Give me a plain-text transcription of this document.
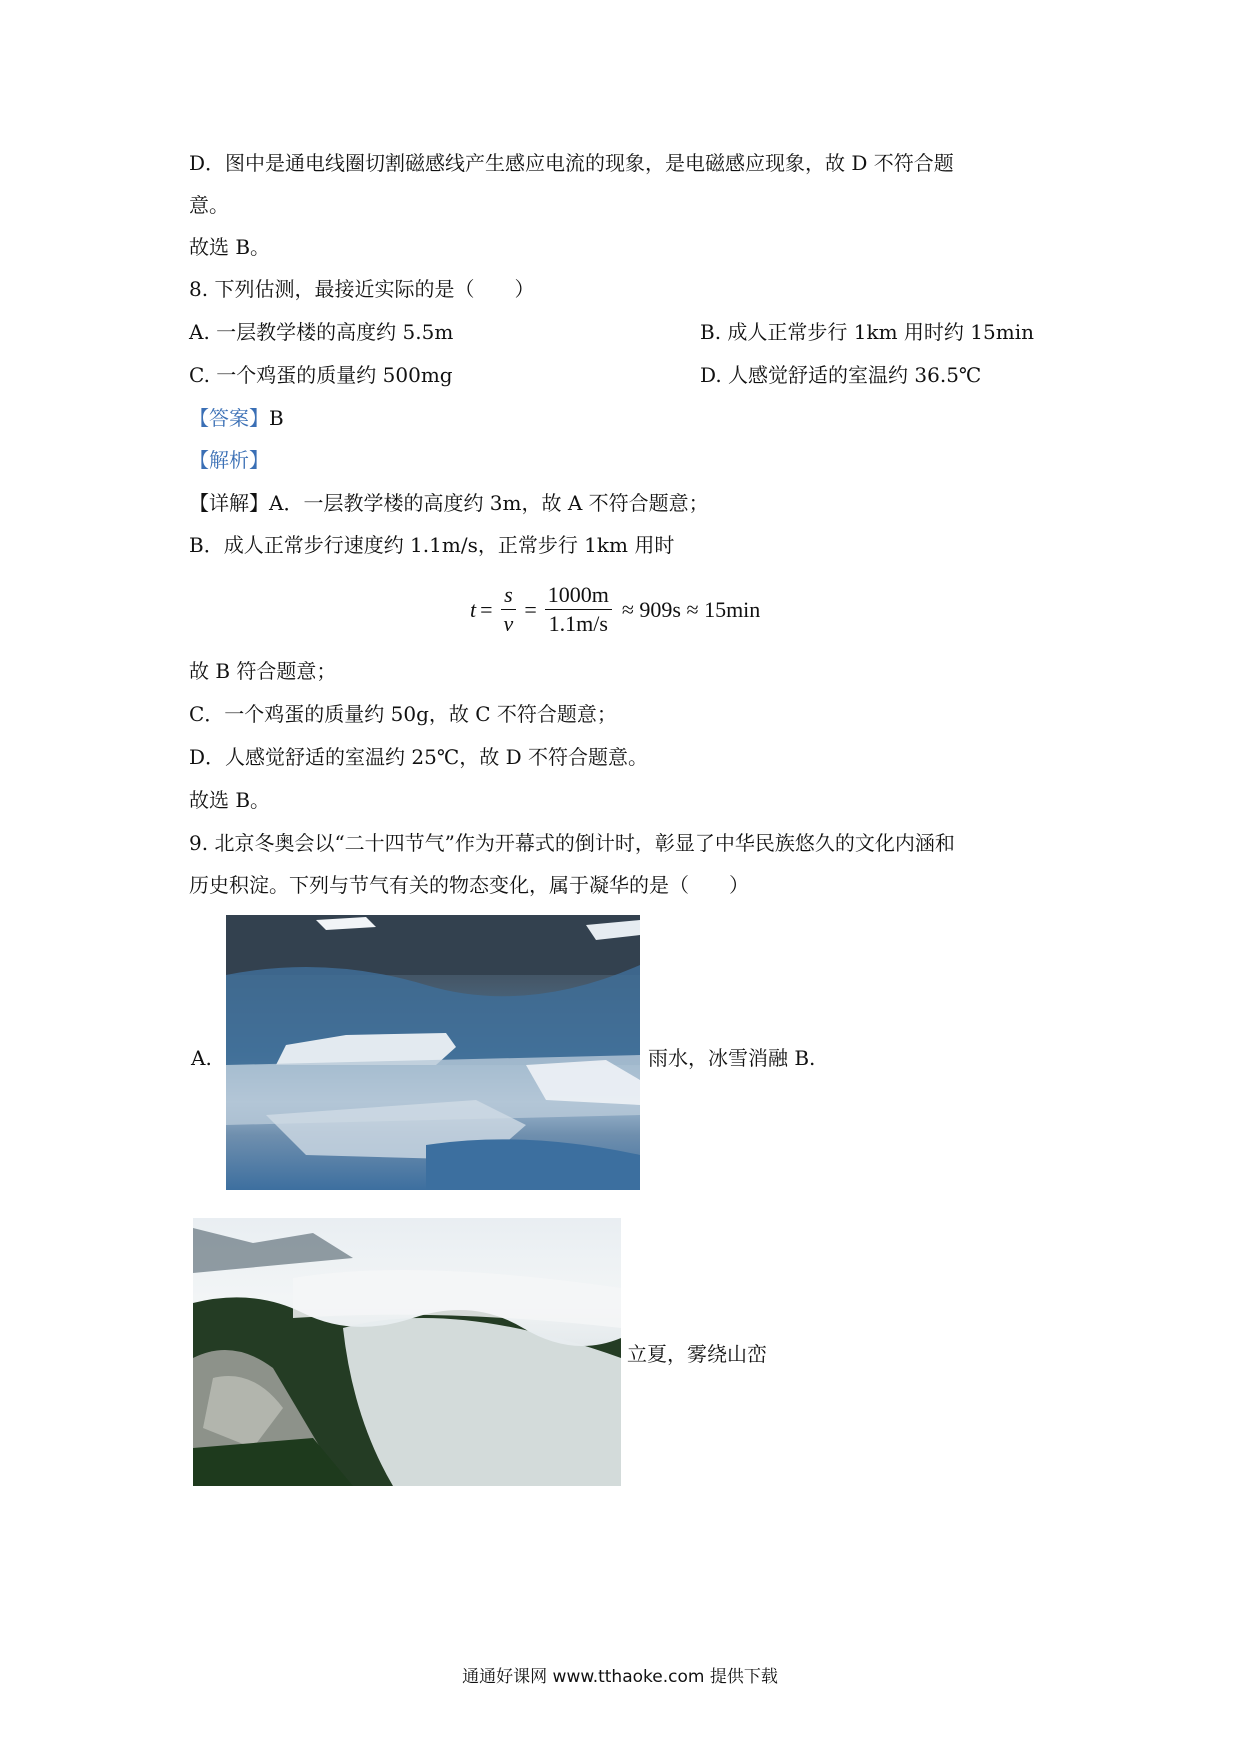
D．图中是通电线圈切割磁感线产生感应电流的现象，是电磁感应现象，故 D 不符合题
意。
故选 B。
8. 下列估测，最接近实际的是（　　）
A. 一层教学楼的高度约 5.5m	B. 成人正常步行 1km 用时约 15min
C. 一个鸡蛋的质量约 500mg	D. 人感觉舒适的室温约 36.5℃
【答案】B
【解析】
【详解】A．一层教学楼的高度约 3m，故 A 不符合题意；
B．成人正常步行速度约 1.1m/s，正常步行 1km 用时
$t = \frac{s}{v} = \frac{1000m}{1.1m/s} \approx 909s \approx 15\min$
故 B 符合题意；
C．一个鸡蛋的质量约 50g，故 C 不符合题意；
D．人感觉舒适的室温约 25℃，故 D 不符合题意。
故选 B。
9. 北京冬奥会以“二十四节气”作为开幕式的倒计时，彰显了中华民族悠久的文化内涵和
历史积淀。下列与节气有关的物态变化，属于凝华的是（　　）
A.	雨水，冰雪消融 B.
立夏，雾绕山峦
通通好课网 www.tthaoke.com 提供下载
